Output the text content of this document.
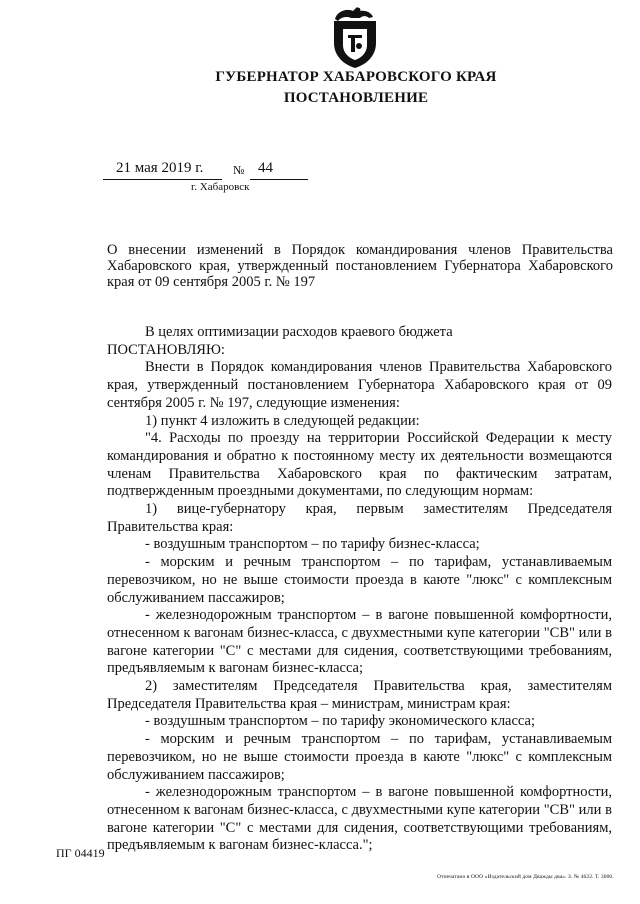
ГУБЕРНАТОР ХАБАРОВСКОГО КРАЯ
ПОСТАНОВЛЕНИЕ
21 мая 2019 г. № 44
г. Хабаровск
О внесении изменений в Порядок командирования членов Правительства Хабаровского края, утвержденный постановлением Губернатора Хабаровского края от 09 сентября 2005 г. № 197

В целях оптимизации расходов краевого бюджета

ПОСТАНОВЛЯЮ:

Внести в Порядок командирования членов Правительства Хабаровского края, утвержденный постановлением Губернатора Хабаровского края от 09 сентября 2005 г. № 197, следующие изменения:

1) пункт 4 изложить в следующей редакции:

"4. Расходы по проезду на территории Российской Федерации к месту командирования и обратно к постоянному месту их деятельности возмещаются членам Правительства Хабаровского края по фактическим затратам, подтвержденным проездными документами, по следующим нормам:

1) вице-губернатору края, первым заместителям Председателя Правительства края:

- воздушным транспортом – по тарифу бизнес-класса;

- морским и речным транспортом – по тарифам, устанавливаемым перевозчиком, но не выше стоимости проезда в каюте "люкс" с комплексным обслуживанием пассажиров;

- железнодорожным транспортом – в вагоне повышенной комфортности, отнесенном к вагонам бизнес-класса, с двухместными купе категории "СВ" или в вагоне категории "С" с местами для сидения, соответствующими требованиям, предъявляемым к вагонам бизнес-класса;

2) заместителям Председателя Правительства края, заместителям Председателя Правительства края – министрам, министрам края:

- воздушным транспортом – по тарифу экономического класса;

- морским и речным транспортом – по тарифам, устанавливаемым перевозчиком, но не выше стоимости проезда в каюте "люкс" с комплексным обслуживанием пассажиров;

- железнодорожным транспортом – в вагоне повышенной комфортности, отнесенном к вагонам бизнес-класса, с двухместными купе категории "СВ" или в вагоне категории "С" с местами для сидения, соответствующими требованиям, предъявляемым к вагонам бизнес-класса.";

ПГ 04419
Отпечатано в ООО «Издательский дом Дважды два». З. № 4622. Т. 3000.
